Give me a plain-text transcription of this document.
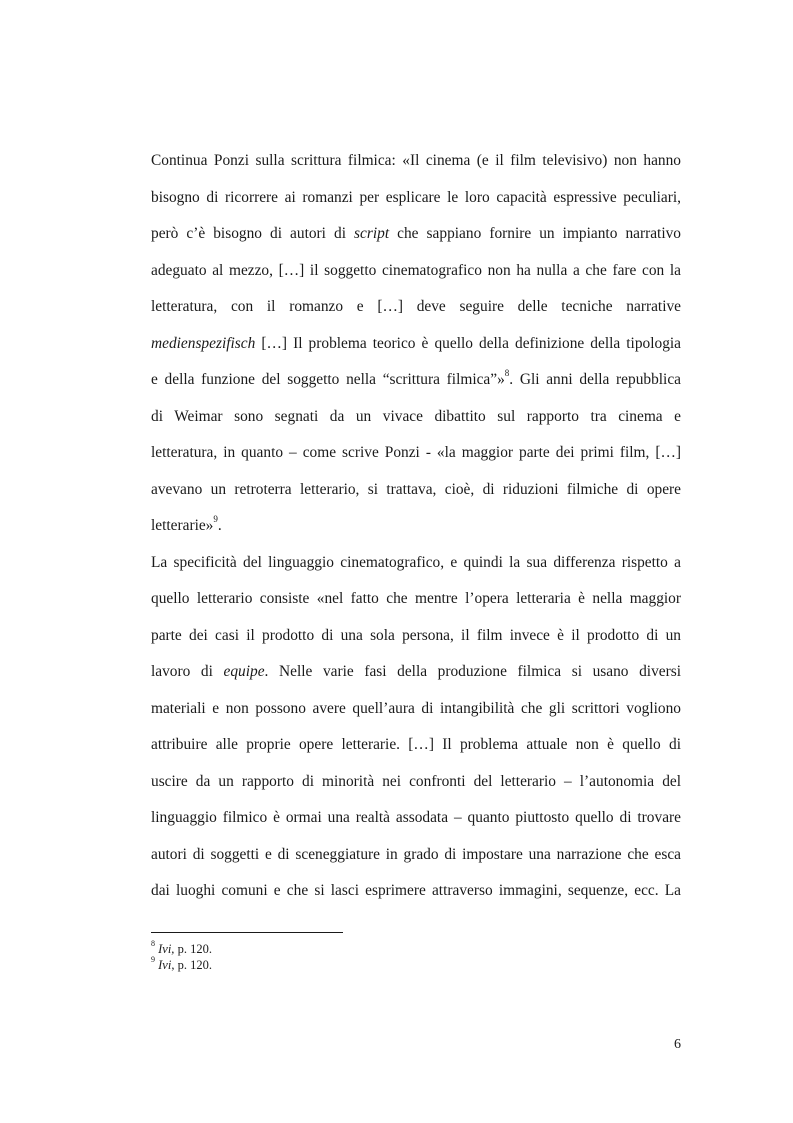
Continua Ponzi sulla scrittura filmica: «Il cinema (e il film televisivo) non hanno
bisogno di ricorrere ai romanzi per esplicare le loro capacità espressive peculiari,
però c’è bisogno di autori di script che sappiano fornire un impianto narrativo
adeguato al mezzo, […] il soggetto cinematografico non ha nulla a che fare con la
letteratura, con il romanzo e […] deve seguire delle tecniche narrative
medienspezifisch […] Il problema teorico è quello della definizione della tipologia
e della funzione del soggetto nella “scrittura filmica”»$^8$. Gli anni della repubblica
di Weimar sono segnati da un vivace dibattito sul rapporto tra cinema e
letteratura, in quanto – come scrive Ponzi - «la maggior parte dei primi film, […]
avevano un retroterra letterario, si trattava, cioè, di riduzioni filmiche di opere
letterarie»$^9$.
La specificità del linguaggio cinematografico, e quindi la sua differenza rispetto a
quello letterario consiste «nel fatto che mentre l’opera letteraria è nella maggior
parte dei casi il prodotto di una sola persona, il film invece è il prodotto di un
lavoro di equipe. Nelle varie fasi della produzione filmica si usano diversi
materiali e non possono avere quell’aura di intangibilità che gli scrittori vogliono
attribuire alle proprie opere letterarie. […] Il problema attuale non è quello di
uscire da un rapporto di minorità nei confronti del letterario – l’autonomia del
linguaggio filmico è ormai una realtà assodata – quanto piuttosto quello di trovare
autori di soggetti e di sceneggiature in grado di impostare una narrazione che esca
dai luoghi comuni e che si lasci esprimere attraverso immagini, sequenze, ecc. La
$^8$ Ivi, p. 120.
$^9$ Ivi, p. 120.
6
